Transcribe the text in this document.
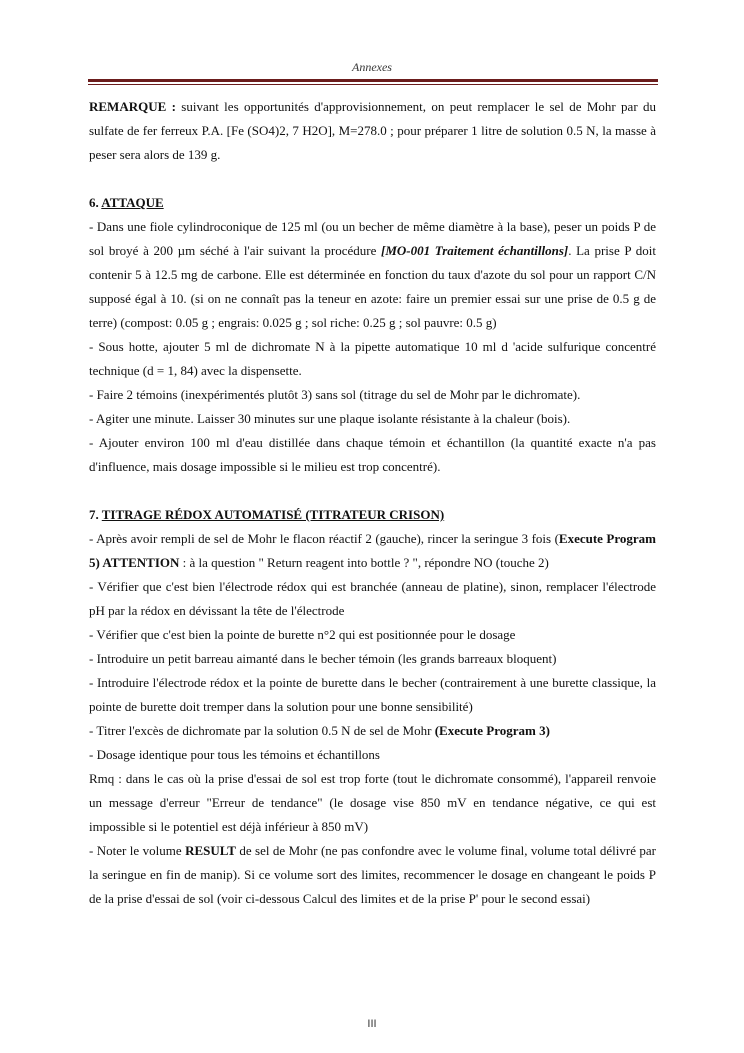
Annexes

REMARQUE : suivant les opportunités d'approvisionnement, on peut remplacer le sel de Mohr par du sulfate de fer ferreux P.A. [Fe (SO4)2, 7 H2O], M=278.0 ; pour préparer 1 litre de solution 0.5 N, la masse à peser sera alors de 139 g.

6. ATTAQUE

- Dans une fiole cylindroconique de 125 ml (ou un becher de même diamètre à la base), peser un poids P de sol broyé à 200 µm séché à l'air suivant la procédure [MO-001 Traitement échantillons]. La prise P doit contenir 5 à 12.5 mg de carbone. Elle est déterminée en fonction du taux d'azote du sol pour un rapport C/N supposé égal à 10. (si on ne connaît pas la teneur en azote: faire un premier essai sur une prise de 0.5 g de terre) (compost: 0.05 g ; engrais: 0.025 g ; sol riche: 0.25 g ; sol pauvre: 0.5 g)

- Sous hotte, ajouter 5 ml de dichromate N à la pipette automatique 10 ml d 'acide sulfurique concentré technique (d = 1, 84) avec la dispensette.

- Faire 2 témoins (inexpérimentés plutôt 3) sans sol (titrage du sel de Mohr par le dichromate).

- Agiter une minute. Laisser 30 minutes sur une plaque isolante résistante à la chaleur (bois).

- Ajouter environ 100 ml d'eau distillée dans chaque témoin et échantillon (la quantité exacte n'a pas d'influence, mais dosage impossible si le milieu est trop concentré).

7. TITRAGE RÉDOX AUTOMATISÉ (TITRATEUR CRISON)

- Après avoir rempli de sel de Mohr le flacon réactif 2 (gauche), rincer la seringue 3 fois (Execute Program 5) ATTENTION : à la question " Return reagent into bottle ? ", répondre NO (touche 2)

- Vérifier que c'est bien l'électrode rédox qui est branchée (anneau de platine), sinon, remplacer l'électrode pH par la rédox en dévissant la tête de l'électrode

- Vérifier que c'est bien la pointe de burette n°2 qui est positionnée pour le dosage

- Introduire un petit barreau aimanté dans le becher témoin (les grands barreaux bloquent)

- Introduire l'électrode rédox et la pointe de burette dans le becher (contrairement à une burette classique, la pointe de burette doit tremper dans la solution pour une bonne sensibilité)

- Titrer l'excès de dichromate par la solution 0.5 N de sel de Mohr (Execute Program 3)

- Dosage identique pour tous les témoins et échantillons

Rmq : dans le cas où la prise d'essai de sol est trop forte (tout le dichromate consommé), l'appareil renvoie un message d'erreur "Erreur de tendance" (le dosage vise 850 mV en tendance négative, ce qui est impossible si le potentiel est déjà inférieur à 850 mV)

- Noter le volume RESULT de sel de Mohr (ne pas confondre avec le volume final, volume total délivré par la seringue en fin de manip). Si ce volume sort des limites, recommencer le dosage en changeant le poids P de la prise d'essai de sol (voir ci-dessous Calcul des limites et de la prise P' pour le second essai)

III
